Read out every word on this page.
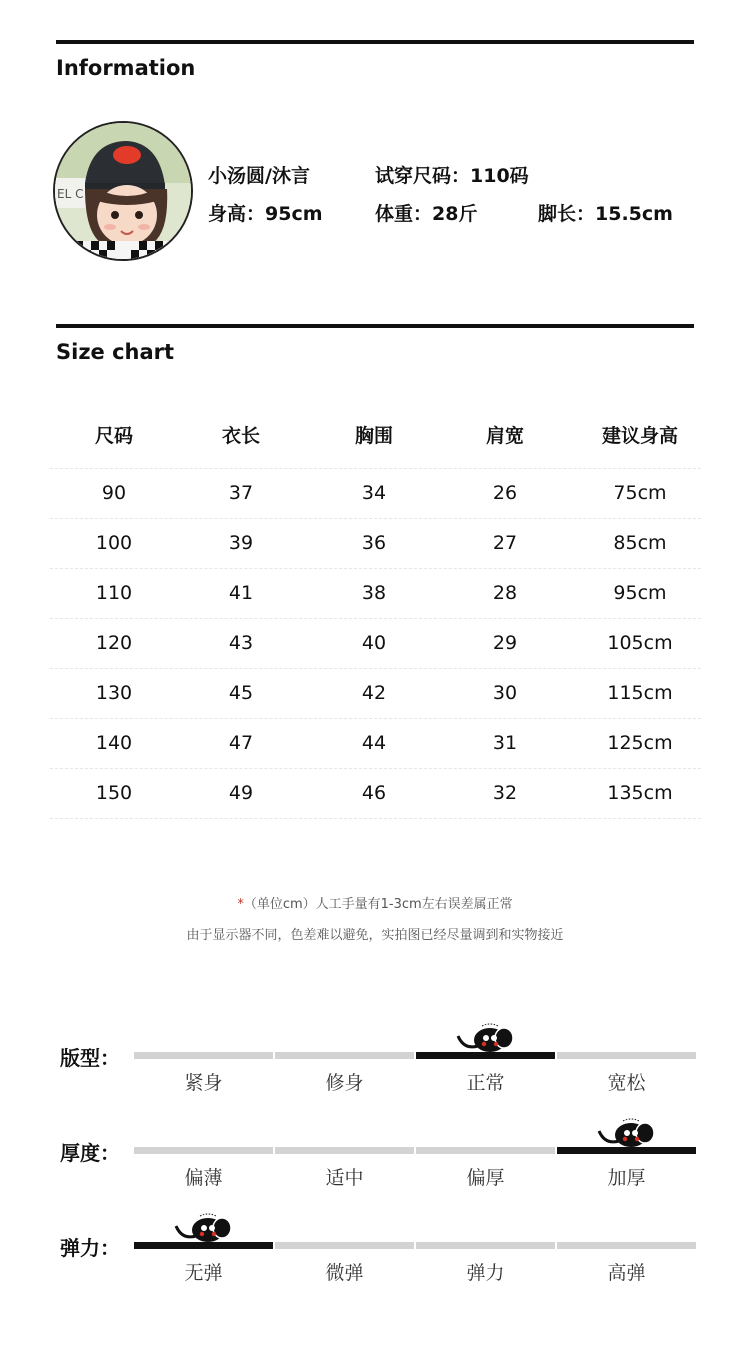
Information
EL C
小汤圆/沐言	试穿尺码：110码
身高：95cm	体重：28斤	脚长：15.5cm
Size chart
尺码	衣长	胸围	肩宽	建议身高
90	37	34	26	75cm
100	39	36	27	85cm
110	41	38	28	95cm
120	43	40	29	105cm
130	45	42	30	115cm
140	47	44	31	125cm
150	49	46	32	135cm
*（单位cm）人工手量有1-3cm左右误差属正常
由于显示器不同，色差难以避免，实拍图已经尽量调到和实物接近
版型：
紧身	修身	正常	宽松
厚度：
偏薄	适中	偏厚	加厚
弹力：
无弹	微弹	弹力	高弹
